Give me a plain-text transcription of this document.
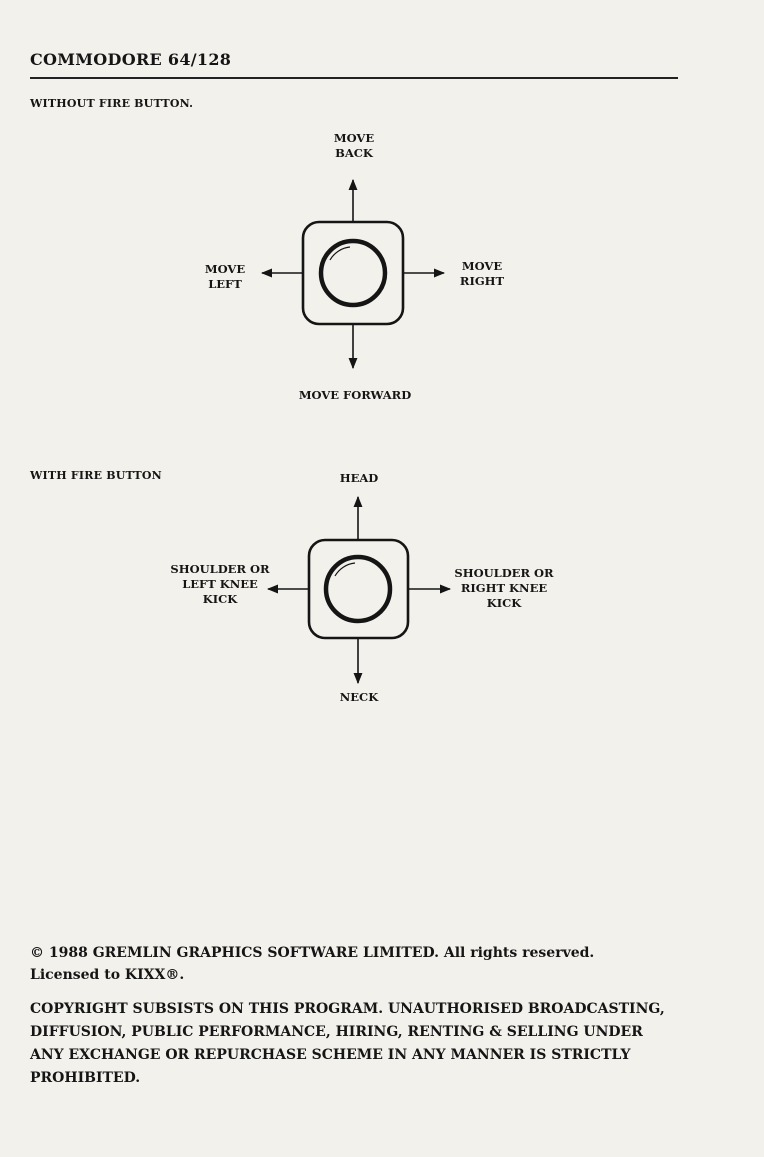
COMMODORE 64/128
WITHOUT FIRE BUTTON.
MOVE
BACK
MOVE
LEFT
MOVE
RIGHT
MOVE FORWARD
WITH FIRE BUTTON	HEAD
SHOULDER OR
LEFT KNEE
KICK
SHOULDER OR
RIGHT KNEE
KICK
NECK
© 1988 GREMLIN GRAPHICS SOFTWARE LIMITED. All rights reserved.
Licensed to KIXX®.
COPYRIGHT SUBSISTS ON THIS PROGRAM. UNAUTHORISED BROADCASTING, DIFFUSION, PUBLIC PERFORMANCE, HIRING, RENTING & SELLING UNDER ANY EXCHANGE OR REPURCHASE SCHEME IN ANY MANNER IS STRICTLY PROHIBITED.
